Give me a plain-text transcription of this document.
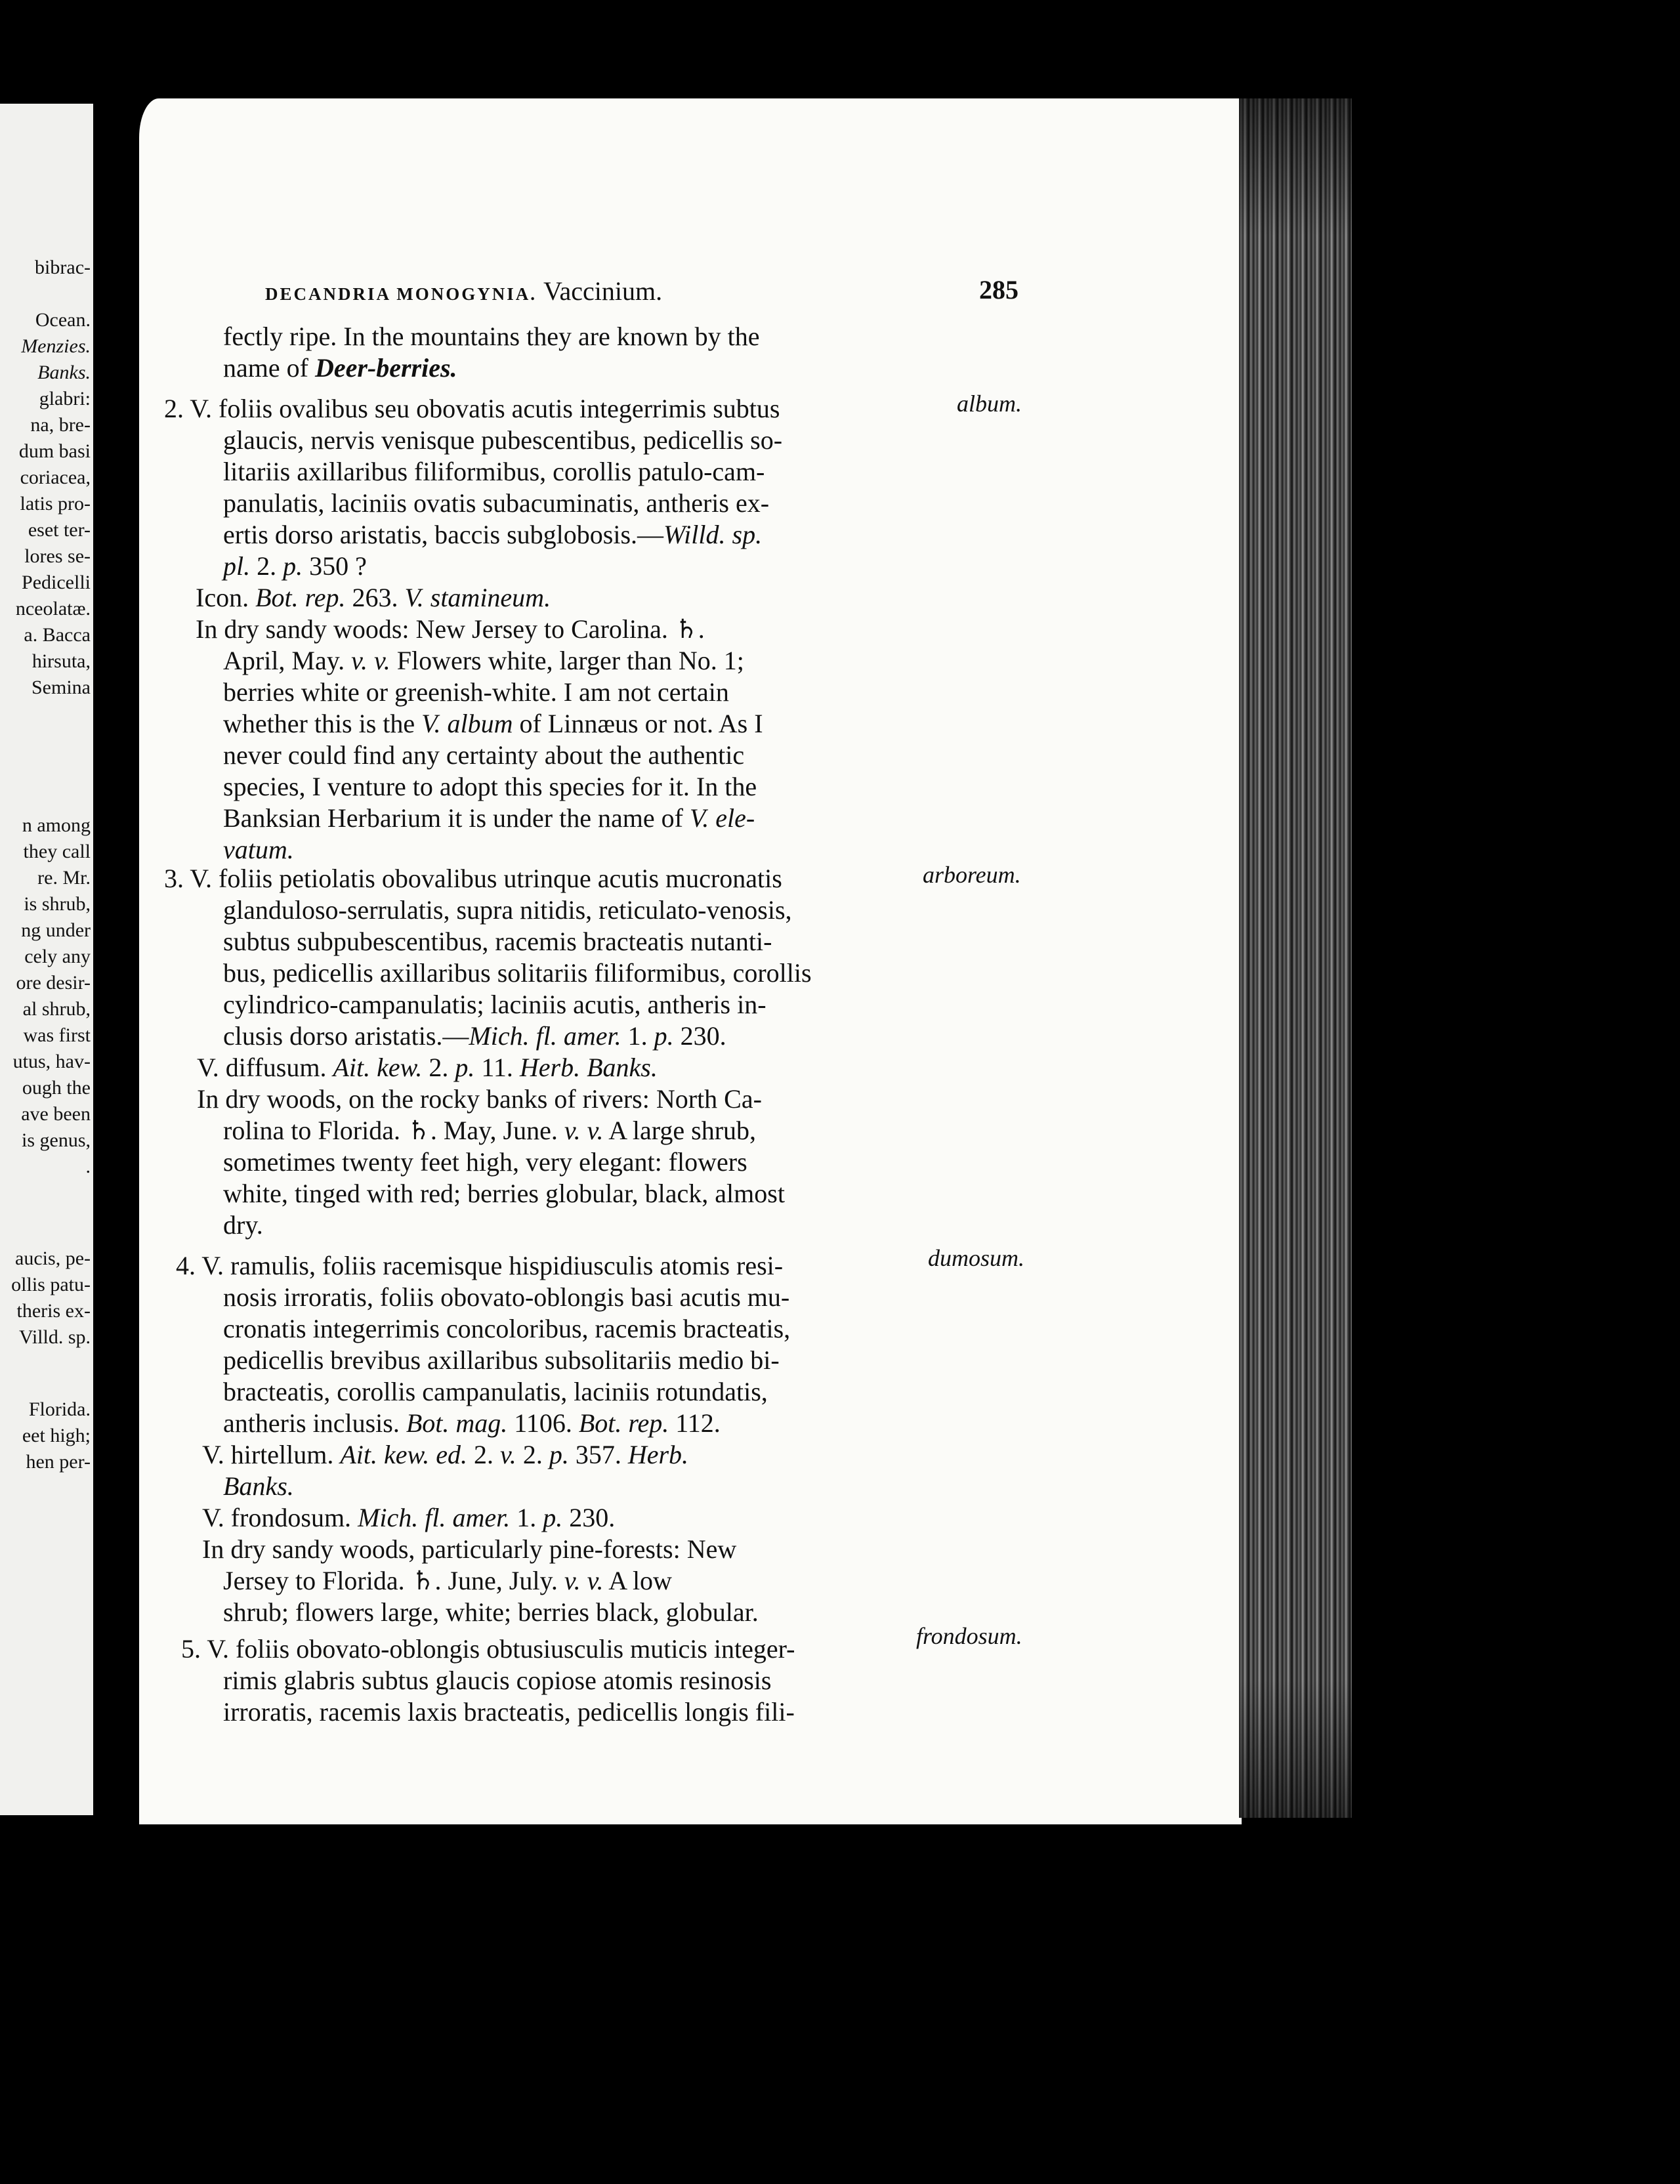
bibrac-
Ocean.
Menzies.
Banks.
glabri:
na, bre-
dum basi
coriacea,
latis pro-
eset ter-
lores se-
Pedicelli
nceolatæ.
a. Bacca
hirsuta,
Semina
n among
they call
re. Mr.
is shrub,
ng under
cely any
ore desir-
al shrub,
was first
utus, hav-
ough the
ave been
is genus,
.
aucis, pe-
ollis patu-
theris ex-
Villd. sp.
Florida.
eet high;
hen per-
DECANDRIA MONOGYNIA. Vaccinium.	285
fectly ripe. In the mountains they are known by the
name of Deer-berries.
2. V. foliis ovalibus seu obovatis acutis integerrimis subtus
glaucis, nervis venisque pubescentibus, pedicellis so-
litariis axillaribus filiformibus, corollis patulo-cam-
panulatis, laciniis ovatis subacuminatis, antheris ex-
ertis dorso aristatis, baccis subglobosis.—Willd. sp.
pl. 2. p. 350 ?
Icon. Bot. rep. 263. V. stamineum.
In dry sandy woods: New Jersey to Carolina. ♄.
April, May. v. v. Flowers white, larger than No. 1;
berries white or greenish-white. I am not certain
whether this is the V. album of Linnæus or not. As I
never could find any certainty about the authentic
species, I venture to adopt this species for it. In the
Banksian Herbarium it is under the name of V. ele-
vatum.
3. V. foliis petiolatis obovalibus utrinque acutis mucronatis
glanduloso-serrulatis, supra nitidis, reticulato-venosis,
subtus subpubescentibus, racemis bracteatis nutanti-
bus, pedicellis axillaribus solitariis filiformibus, corollis
cylindrico-campanulatis; laciniis acutis, antheris in-
clusis dorso aristatis.—Mich. fl. amer. 1. p. 230.
V. diffusum. Ait. kew. 2. p. 11. Herb. Banks.
In dry woods, on the rocky banks of rivers: North Ca-
rolina to Florida. ♄. May, June. v. v. A large shrub,
sometimes twenty feet high, very elegant: flowers
white, tinged with red; berries globular, black, almost
dry.
4. V. ramulis, foliis racemisque hispidiusculis atomis resi-
nosis irroratis, foliis obovato-oblongis basi acutis mu-
cronatis integerrimis concoloribus, racemis bracteatis,
pedicellis brevibus axillaribus subsolitariis medio bi-
bracteatis, corollis campanulatis, laciniis rotundatis,
antheris inclusis. Bot. mag. 1106. Bot. rep. 112.
V. hirtellum. Ait. kew. ed. 2. v. 2. p. 357. Herb.
Banks.
V. frondosum. Mich. fl. amer. 1. p. 230.
In dry sandy woods, particularly pine-forests: New
Jersey to Florida. ♄. June, July. v. v. A low
shrub; flowers large, white; berries black, globular.
5. V. foliis obovato-oblongis obtusiusculis muticis integer-
rimis glabris subtus glaucis copiose atomis resinosis
irroratis, racemis laxis bracteatis, pedicellis longis fili-
album.
arboreum.
dumosum.
frondosum.
